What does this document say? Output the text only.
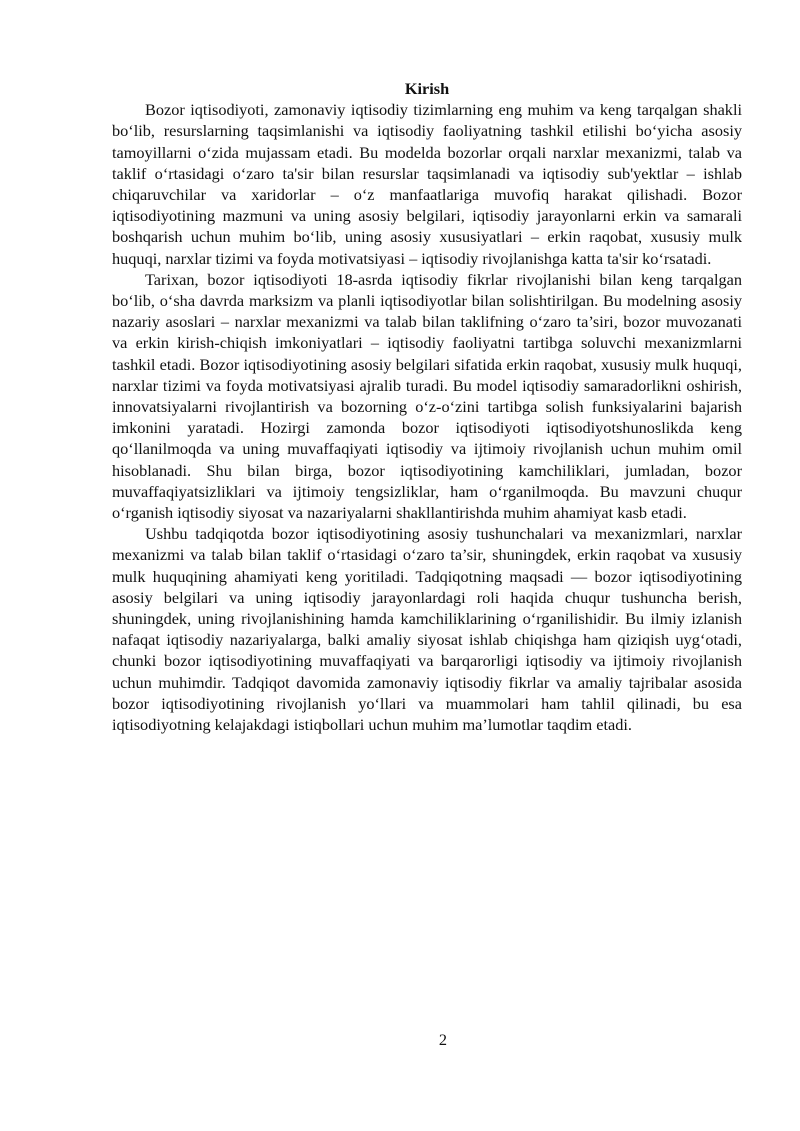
Kirish

Bozor iqtisodiyoti, zamonaviy iqtisodiy tizimlarning eng muhim va keng tarqalgan shakli bo‘lib, resurslarning taqsimlanishi va iqtisodiy faoliyatning tashkil etilishi bo‘yicha asosiy tamoyillarni o‘zida mujassam etadi. Bu modelda bozorlar orqali narxlar mexanizmi, talab va taklif o‘rtasidagi o‘zaro ta'sir bilan resurslar taqsimlanadi va iqtisodiy sub'yektlar – ishlab chiqaruvchilar va xaridorlar – o‘z manfaatlariga muvofiq harakat qilishadi. Bozor iqtisodiyotining mazmuni va uning asosiy belgilari, iqtisodiy jarayonlarni erkin va samarali boshqarish uchun muhim bo‘lib, uning asosiy xususiyatlari – erkin raqobat, xususiy mulk huquqi, narxlar tizimi va foyda motivatsiyasi – iqtisodiy rivojlanishga katta ta'sir ko‘rsatadi.

Tarixan, bozor iqtisodiyoti 18-asrda iqtisodiy fikrlar rivojlanishi bilan keng tarqalgan bo‘lib, o‘sha davrda marksizm va planli iqtisodiyotlar bilan solishtirilgan. Bu modelning asosiy nazariy asoslari – narxlar mexanizmi va talab bilan taklifning o‘zaro ta’siri, bozor muvozanati va erkin kirish-chiqish imkoniyatlari – iqtisodiy faoliyatni tartibga soluvchi mexanizmlarni tashkil etadi. Bozor iqtisodiyotining asosiy belgilari sifatida erkin raqobat, xususiy mulk huquqi, narxlar tizimi va foyda motivatsiyasi ajralib turadi. Bu model iqtisodiy samaradorlikni oshirish, innovatsiyalarni rivojlantirish va bozorning o‘z-o‘zini tartibga solish funksiyalarini bajarish imkonini yaratadi. Hozirgi zamonda bozor iqtisodiyoti iqtisodiyotshunoslikda keng qo‘llanilmoqda va uning muvaffaqiyati iqtisodiy va ijtimoiy rivojlanish uchun muhim omil hisoblanadi. Shu bilan birga, bozor iqtisodiyotining kamchiliklari, jumladan, bozor muvaffaqiyatsizliklari va ijtimoiy tengsizliklar, ham o‘rganilmoqda. Bu mavzuni chuqur o‘rganish iqtisodiy siyosat va nazariyalarni shakllantirishda muhim ahamiyat kasb etadi.

Ushbu tadqiqotda bozor iqtisodiyotining asosiy tushunchalari va mexanizmlari, narxlar mexanizmi va talab bilan taklif o‘rtasidagi o‘zaro ta’sir, shuningdek, erkin raqobat va xususiy mulk huquqining ahamiyati keng yoritiladi. Tadqiqotning maqsadi — bozor iqtisodiyotining asosiy belgilari va uning iqtisodiy jarayonlardagi roli haqida chuqur tushuncha berish, shuningdek, uning rivojlanishining hamda kamchiliklarining o‘rganilishidir. Bu ilmiy izlanish nafaqat iqtisodiy nazariyalarga, balki amaliy siyosat ishlab chiqishga ham qiziqish uyg‘otadi, chunki bozor iqtisodiyotining muvaffaqiyati va barqarorligi iqtisodiy va ijtimoiy rivojlanish uchun muhimdir. Tadqiqot davomida zamonaviy iqtisodiy fikrlar va amaliy tajribalar asosida bozor iqtisodiyotining rivojlanish yo‘llari va muammolari ham tahlil qilinadi, bu esa iqtisodiyotning kelajakdagi istiqbollari uchun muhim ma’lumotlar taqdim etadi.

2
